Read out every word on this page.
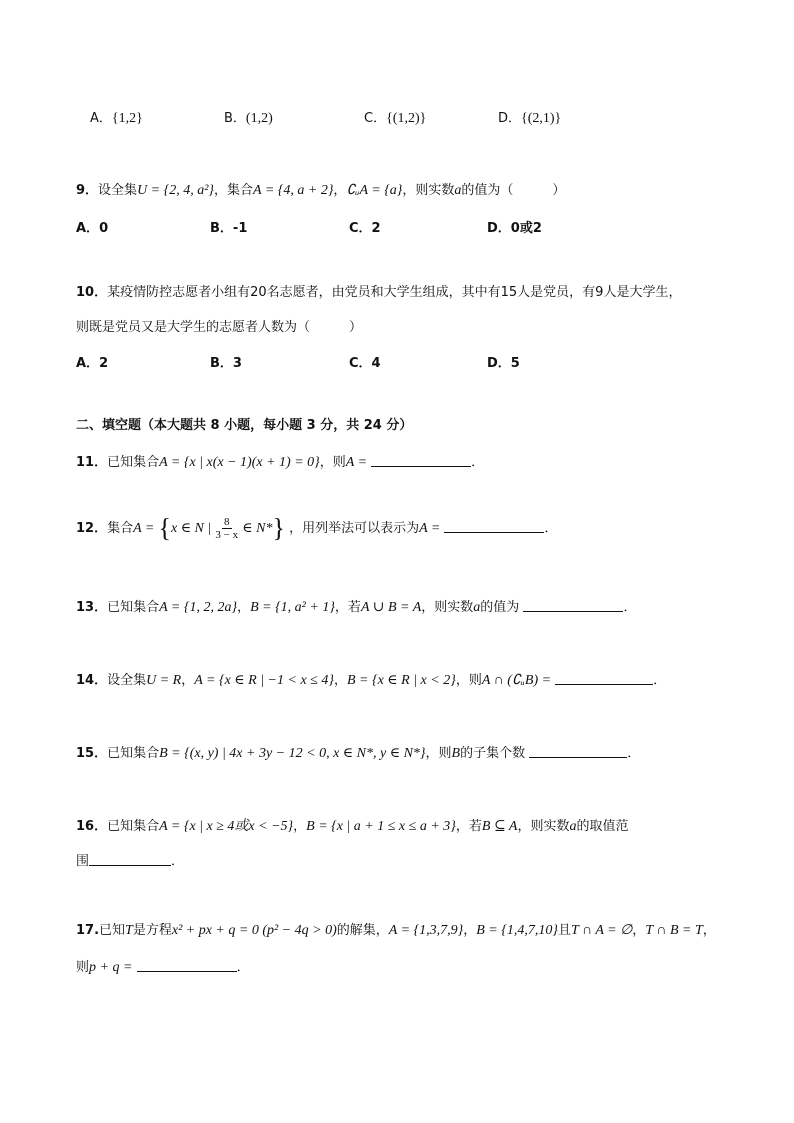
A．{1,2}	B．(1,2)	C．{(1,2)}	D．{(2,1)}
9．设全集U = {2, 4, a²}，集合A = {4, a + 2}，∁ᵤA = {a}，则实数a的值为（　　　）
A．0	B．-1	C．2	D．0或2
10．某疫情防控志愿者小组有20名志愿者，由党员和大学生组成，其中有15人是党员，有9人是大学生，
则既是党员又是大学生的志愿者人数为（　　　）
A．2	B．3	C．4	D．5
二、填空题（本大题共 8 小题，每小题 3 分，共 24 分）
11．已知集合A = {x | x(x − 1)(x + 1) = 0}，则A =	．
12．集合A = {x ∈ N | $\frac{8}{3 - x}$ ∈ N*} ，用列举法可以表示为A =	．
13．已知集合A = {1, 2, 2a}，B = {1, a² + 1}，若A ∪ B = A，则实数a的值为	．
14．设全集U = R，A = {x ∈ R | −1 < x ≤ 4}，B = {x ∈ R | x < 2}，则A ∩ (∁ᵤB) =	．
15．已知集合B = {(x, y) | 4x + 3y − 12 < 0, x ∈ N*, y ∈ N*}，则B的子集个数	．
16．已知集合A = {x | x ≥ 4或x < −5}，B = {x | a + 1 ≤ x ≤ a + 3}，若B ⊆ A，则实数a的取值范
围	．
17.已知T是方程x² + px + q = 0 (p² − 4q > 0)的解集，A = {1,3,7,9}，B = {1,4,7,10}且T ∩ A = ∅，T ∩ B = T，
则p + q =	．
